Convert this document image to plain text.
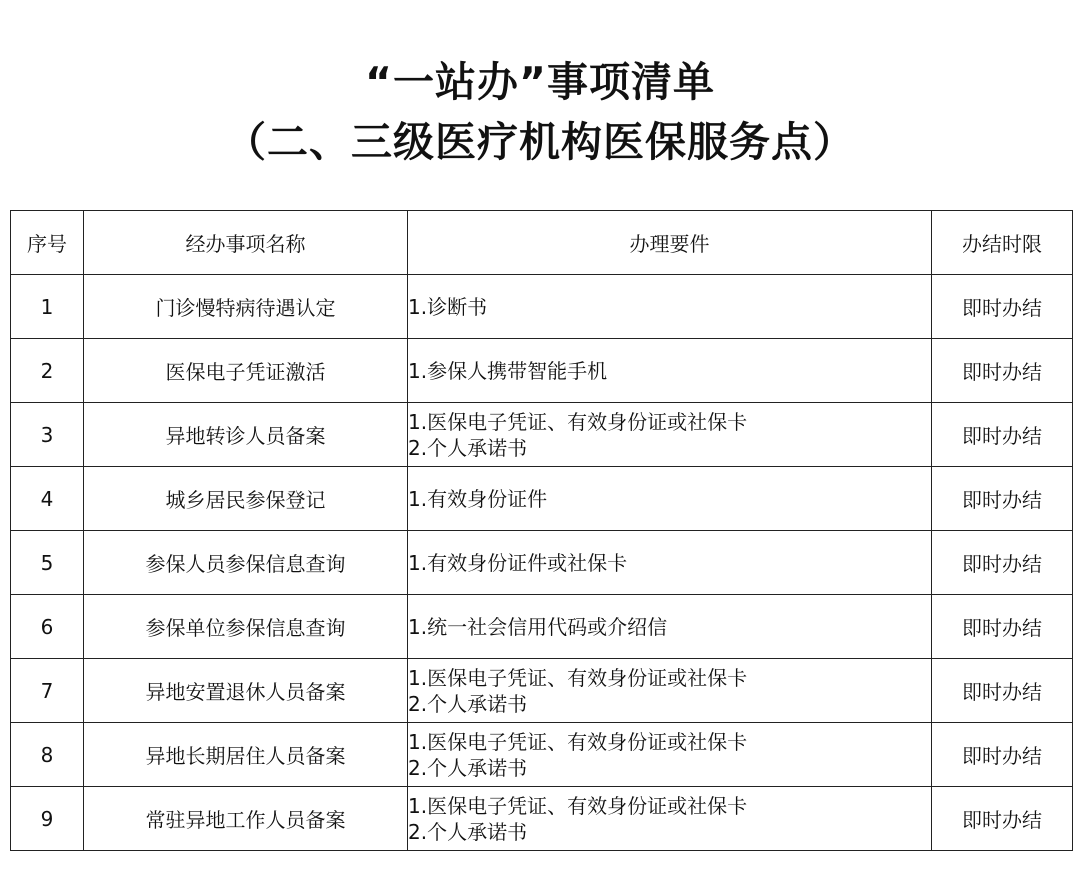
“一站办”事项清单
（二、三级医疗机构医保服务点）
序号	经办事项名称	办理要件	办结时限
1	门诊慢特病待遇认定	1.诊断书	即时办结
2	医保电子凭证激活	1.参保人携带智能手机	即时办结
3	异地转诊人员备案	1.医保电子凭证、有效身份证或社保卡
2.个人承诺书	即时办结
4	城乡居民参保登记	1.有效身份证件	即时办结
5	参保人员参保信息查询	1.有效身份证件或社保卡	即时办结
6	参保单位参保信息查询	1.统一社会信用代码或介绍信	即时办结
7	异地安置退休人员备案	1.医保电子凭证、有效身份证或社保卡
2.个人承诺书	即时办结
8	异地长期居住人员备案	1.医保电子凭证、有效身份证或社保卡
2.个人承诺书	即时办结
9	常驻异地工作人员备案	1.医保电子凭证、有效身份证或社保卡
2.个人承诺书	即时办结
